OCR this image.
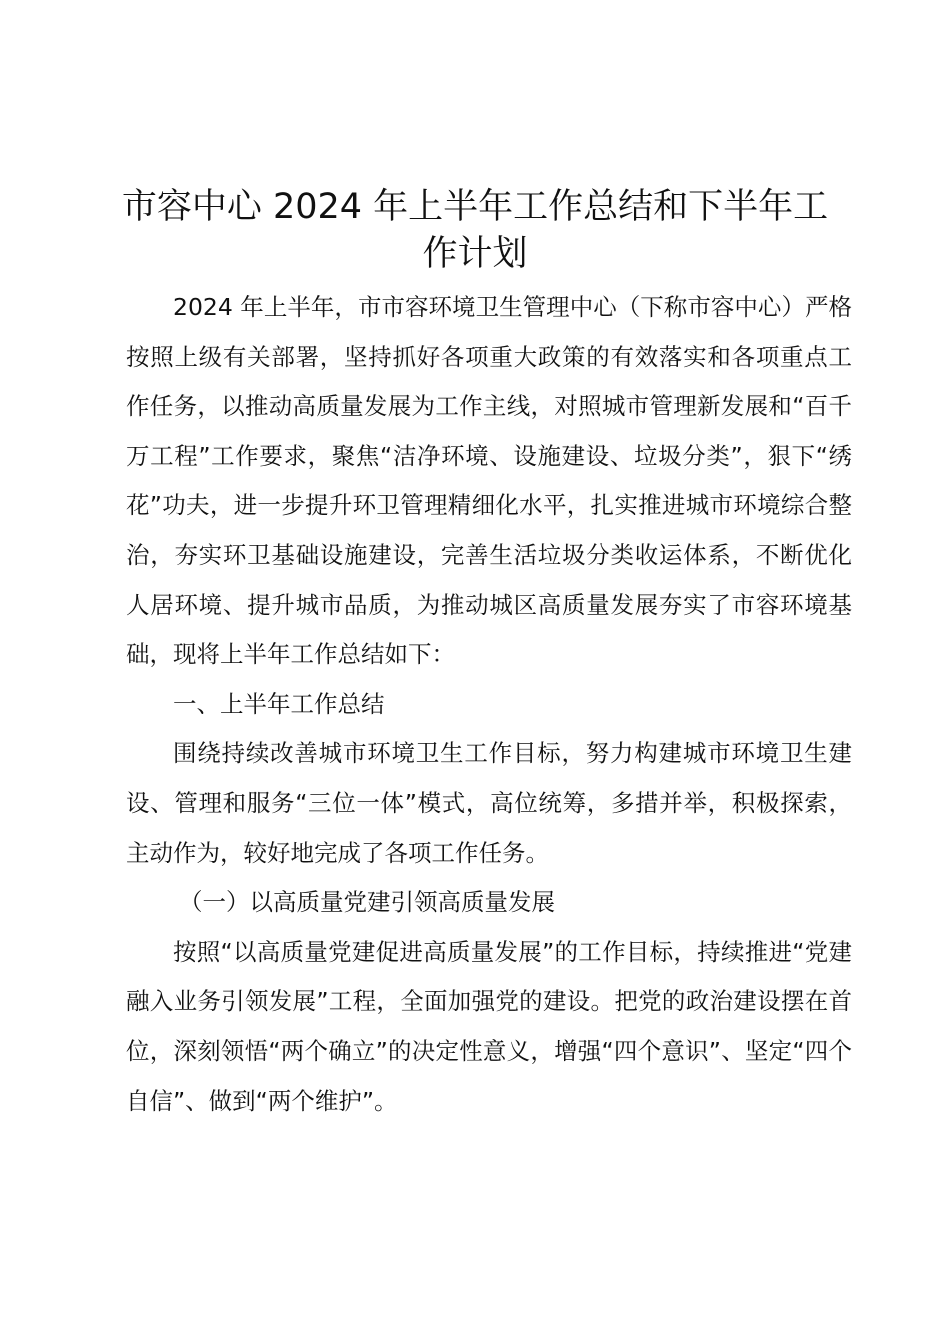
市容中心 2024 年上半年工作总结和下半年工作计划

2024 年上半年，市市容环境卫生管理中心（下称市容中心）严格按照上级有关部署，坚持抓好各项重大政策的有效落实和各项重点工作任务，以推动高质量发展为工作主线，对照城市管理新发展和“百千万工程”工作要求，聚焦“洁净环境、设施建设、垃圾分类”，狠下“绣花”功夫，进一步提升环卫管理精细化水平，扎实推进城市环境综合整治，夯实环卫基础设施建设，完善生活垃圾分类收运体系，不断优化人居环境、提升城市品质，为推动城区高质量发展夯实了市容环境基础，现将上半年工作总结如下：

一、上半年工作总结

围绕持续改善城市环境卫生工作目标，努力构建城市环境卫生建设、管理和服务“三位一体”模式，高位统筹，多措并举，积极探索，主动作为，较好地完成了各项工作任务。

（一）以高质量党建引领高质量发展

按照“以高质量党建促进高质量发展”的工作目标，持续推进“党建融入业务引领发展”工程，全面加强党的建设。把党的政治建设摆在首位，深刻领悟“两个确立”的决定性意义，增强“四个意识”、坚定“四个自信”、做到“两个维护”。
